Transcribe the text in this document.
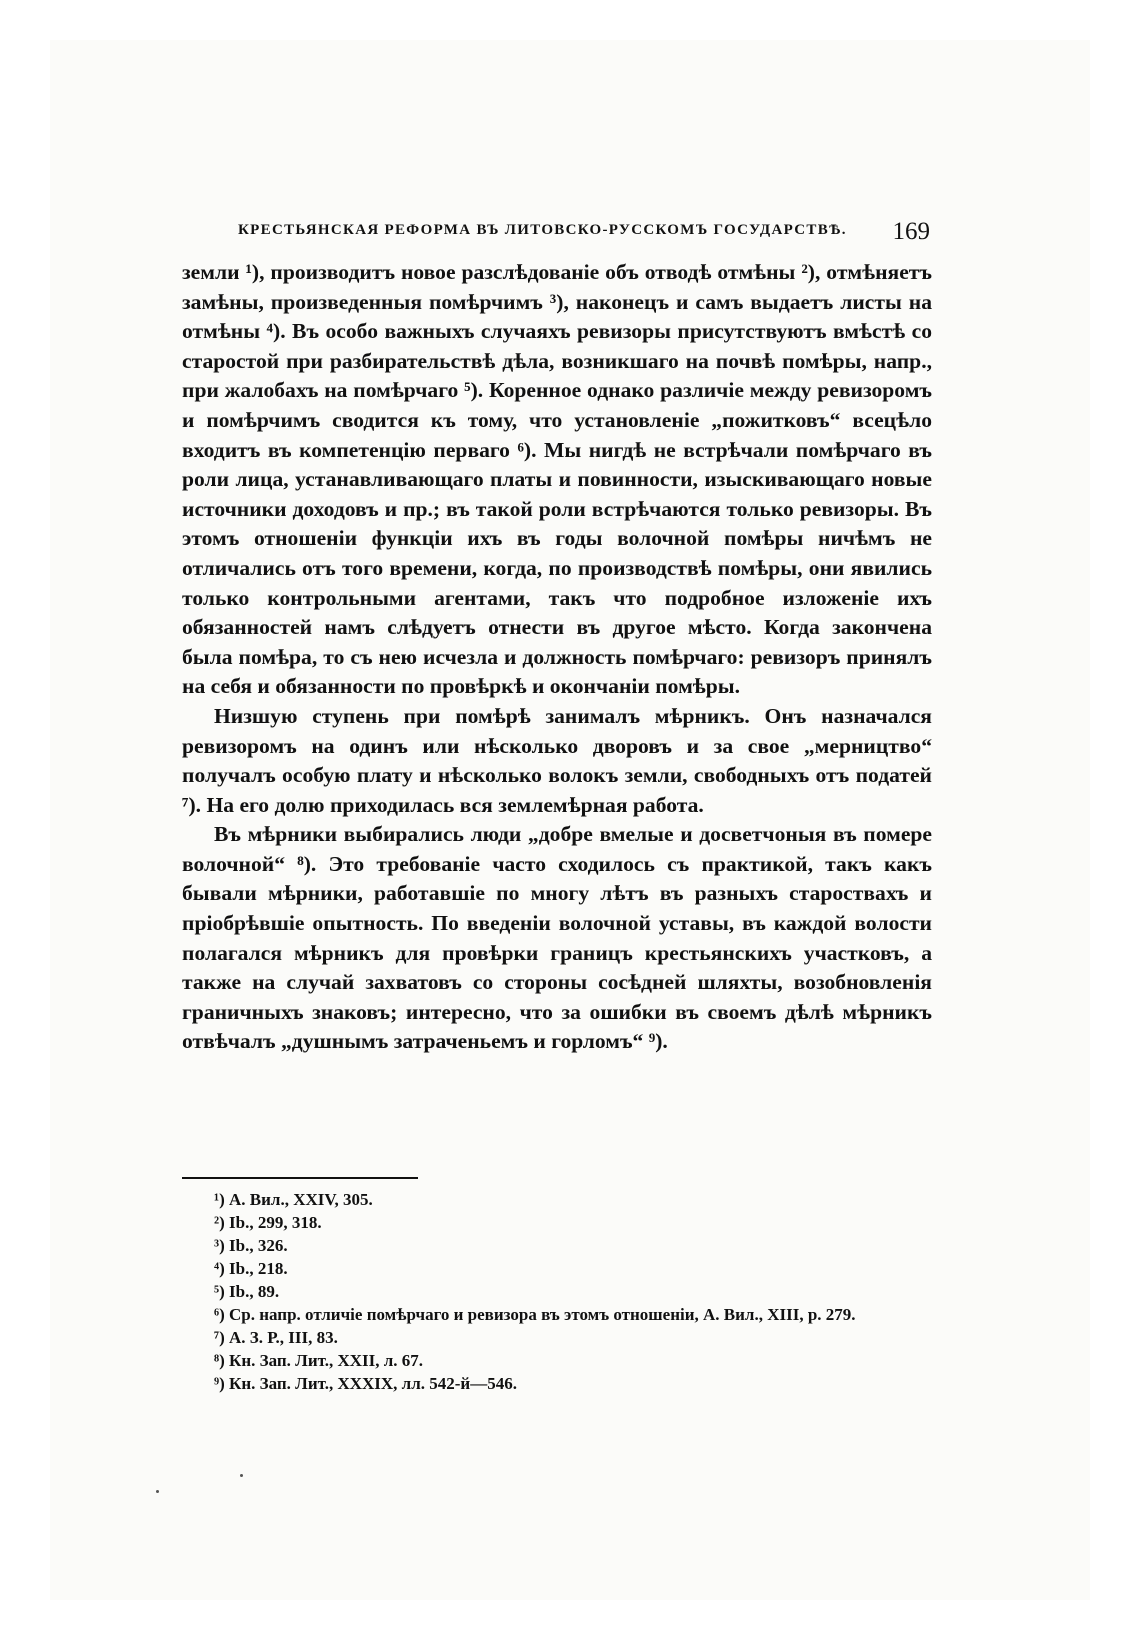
КРЕСТЬЯНСКАЯ РЕФОРМА ВЪ ЛИТОВСКО-РУССКОМЪ ГОСУДАРСТВѢ. 169

земли ¹), производитъ новое разслѣдованіе объ отводѣ отмѣны ²), отмѣняетъ замѣны, произведенныя помѣрчимъ ³), наконецъ и самъ выдаетъ листы на отмѣны ⁴). Въ особо важныхъ случаяхъ ревизоры присутствуютъ вмѣстѣ со старостой при разбирательствѣ дѣла, возникшаго на почвѣ помѣры, напр., при жалобахъ на помѣрчаго ⁵). Коренное однако различіе между ревизоромъ и помѣрчимъ сводится къ тому, что установленіе „пожитковъ“ всецѣло входитъ въ компетенцію перваго ⁶). Мы нигдѣ не встрѣчали помѣрчаго въ роли лица, устанавливающаго платы и повинности, изыскивающаго новые источники доходовъ и пр.; въ такой роли встрѣчаются только ревизоры. Въ этомъ отношеніи функціи ихъ въ годы волочной помѣры ничѣмъ не отличались отъ того времени, когда, по производствѣ помѣры, они явились только контрольными агентами, такъ что подробное изложеніе ихъ обязанностей намъ слѣдуетъ отнести въ другое мѣсто. Когда закончена была помѣра, то съ нею исчезла и должность помѣрчаго: ревизоръ принялъ на себя и обязанности по провѣркѣ и окончаніи помѣры.

Низшую ступень при помѣрѣ занималъ мѣрникъ. Онъ назначался ревизоромъ на одинъ или нѣсколько дворовъ и за свое „мерництво“ получалъ особую плату и нѣсколько волокъ земли, свободныхъ отъ податей ⁷). На его долю приходилась вся землемѣрная работа.

Въ мѣрники выбирались люди „добре вмелые и досветчоныя въ померe волочной“ ⁸). Это требованіе часто сходилось съ практикой, такъ какъ бывали мѣрники, работавшіе по многу лѣтъ въ разныхъ староствахъ и пріобрѣвшіе опытность. По введеніи волочной уставы, въ каждой волости полагался мѣрникъ для провѣрки границъ крестьянскихъ участковъ, а также на случай захватовъ со стороны сосѣдней шляхты, возобновленія граничныхъ знаковъ; интересно, что за ошибки въ своемъ дѣлѣ мѣрникъ отвѣчалъ „душнымъ затраченьемъ и горломъ“ ⁹).

¹) А. Вил., XXIV, 305.

²) Ib., 299, 318.

³) Ib., 326.

⁴) Ib., 218.

⁵) Ib., 89.

⁶) Ср. напр. отличіе помѣрчаго и ревизора въ этомъ отношеніи, А. Вил., XIII, p. 279.

⁷) А. З. Р., III, 83.

⁸) Кн. Зап. Лит., XXII, л. 67.

⁹) Кн. Зап. Лит., XXXIX, лл. 542-й—546.
